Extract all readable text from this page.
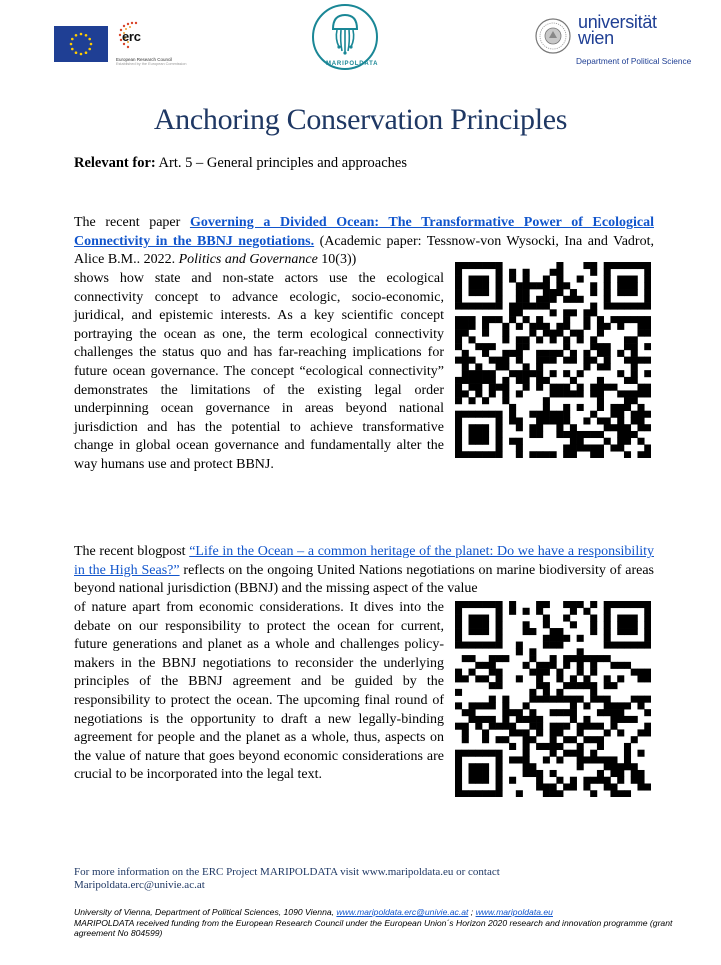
erc
European Research Council
Established by the European Commission	MARIPOLDATA
universität
wien
Department of Political Science
Anchoring Conservation Principles
Relevant for: Art. 5 – General principles and approaches
The recent paper Governing a Divided Ocean: The Transformative Power of Ecological Connectivity in the BBNJ negotiations. (Academic paper: Tessnow-von Wysocki, Ina and Vadrot, Alice B.M.. 2022. Politics and Governance 10(3))
shows how state and non-state actors use the ecological connectivity concept to advance ecologic, socio-economic, juridical, and epistemic interests. As a key scientific concept portraying the ocean as one, the term ecological connectivity challenges the status quo and has far-reaching implications for future ocean governance. The concept “ecological connectivity” demonstrates the limitations of the existing legal order underpinning ocean governance in areas beyond national jurisdiction and has the potential to achieve transformative change in global ocean governance and fundamentally alter the way humans use and protect BBNJ.
The recent blogpost “Life in the Ocean – a common heritage of the planet: Do we have a responsibility in the High Seas?” reflects on the ongoing United Nations negotiations on marine biodiversity of areas beyond national jurisdiction (BBNJ) and the missing aspect of the value
of nature apart from economic considerations. It dives into the debate on our responsibility to protect the ocean for current, future generations and planet as a whole and challenges policy-makers in the BBNJ negotiations to reconsider the underlying principles of the BBNJ agreement and be guided by the responsibility to protect the ocean. The upcoming final round of negotiations is the opportunity to draft a new legally-binding agreement for people and the planet as a whole, thus, aspects on the value of nature that goes beyond economic considerations are crucial to be incorporated into the legal text.
For more information on the ERC Project MARIPOLDATA visit www.maripoldata.eu or contact
Maripoldata.erc@univie.ac.at
University of Vienna, Department of Political Sciences, 1090 Vienna, www.maripoldata.erc@univie.ac.at ; www.maripoldata.eu
MARIPOLDATA received funding from the European Research Council under the European Union´s Horizon 2020 research and innovation programme (grant agreement No 804599)
